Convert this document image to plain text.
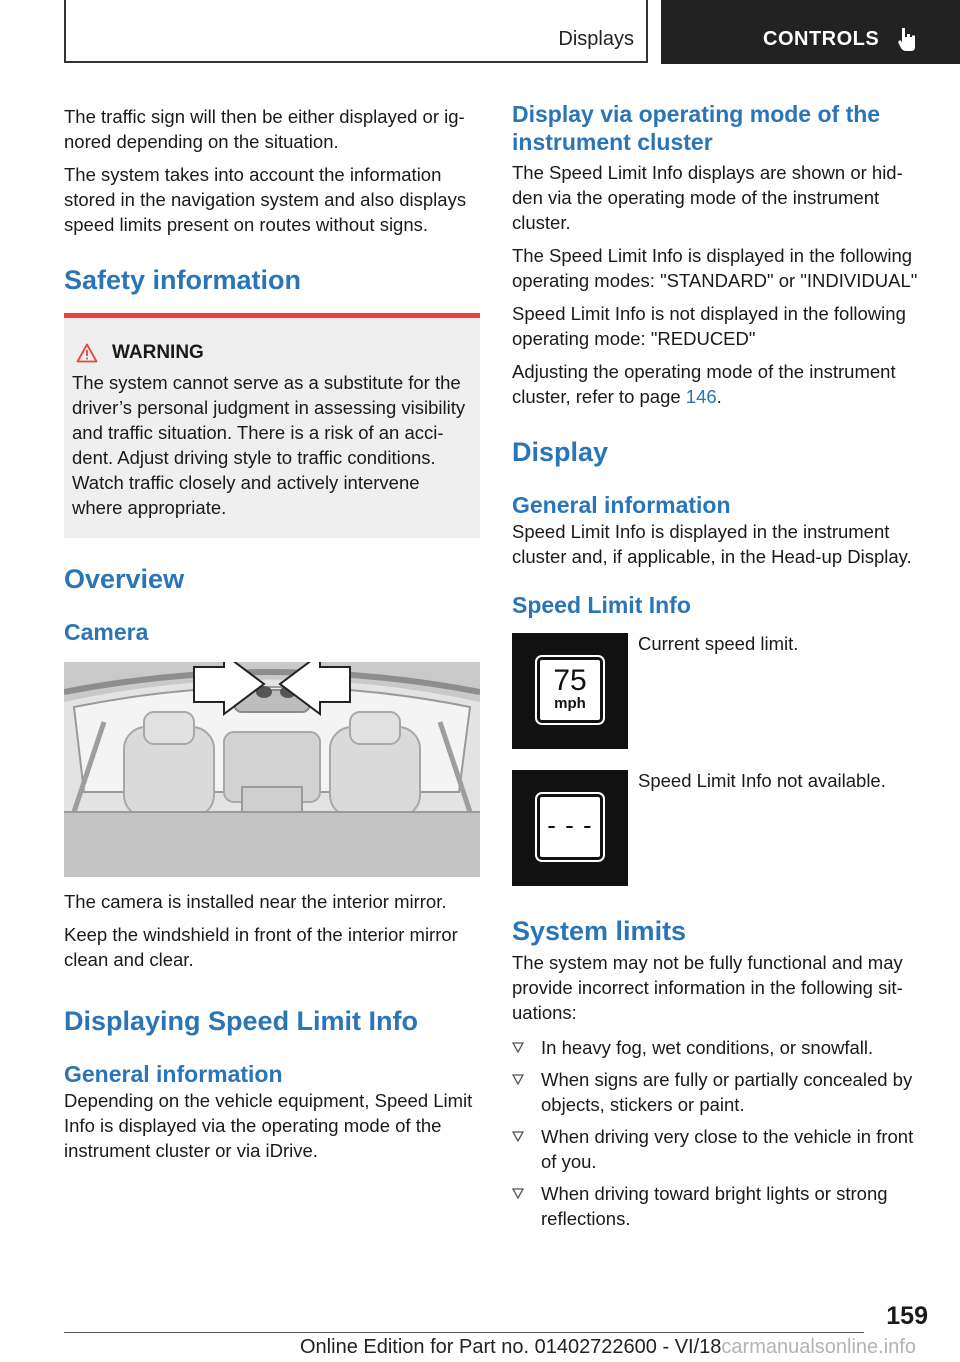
Displays	CONTROLS

The traffic sign will then be either displayed or ig‐ nored depending on the situation.

The system takes into account the information stored in the navigation system and also displays speed limits present on routes without signs.

Safety information
WARNING

The system cannot serve as a substitute for the driver’s personal judgment in assessing visibility and traffic situation. There is a risk of an acci‐ dent. Adjust driving style to traffic conditions. Watch traffic closely and actively intervene where appropriate.

Overview
Camera

The camera is installed near the interior mirror.

Keep the windshield in front of the interior mirror clean and clear.

Displaying Speed Limit Info
General information

Depending on the vehicle equipment, Speed Limit Info is displayed via the operating mode of the instrument cluster or via iDrive.

Display via operating mode of the instrument cluster

The Speed Limit Info displays are shown or hid‐ den via the operating mode of the instrument cluster.

The Speed Limit Info is displayed in the following operating modes: "STANDARD" or "INDIVIDUAL"

Speed Limit Info is not displayed in the following operating mode: "REDUCED"

Adjusting the operating mode of the instrument cluster, refer to page 146.

Display
General information

Speed Limit Info is displayed in the instrument cluster and, if applicable, in the Head-up Display.

Speed Limit Info
75
mph
Current speed limit.
- - -
Speed Limit Info not available.
System limits

The system may not be fully functional and may provide incorrect information in the following sit‐ uations:

In heavy fog, wet conditions, or snowfall.
When signs are fully or partially concealed by objects, stickers or paint.
When driving very close to the vehicle in front of you.
When driving toward bright lights or strong reflections.
159
Online Edition for Part no. 01402722600 - VI/18carmanualsonline.info
